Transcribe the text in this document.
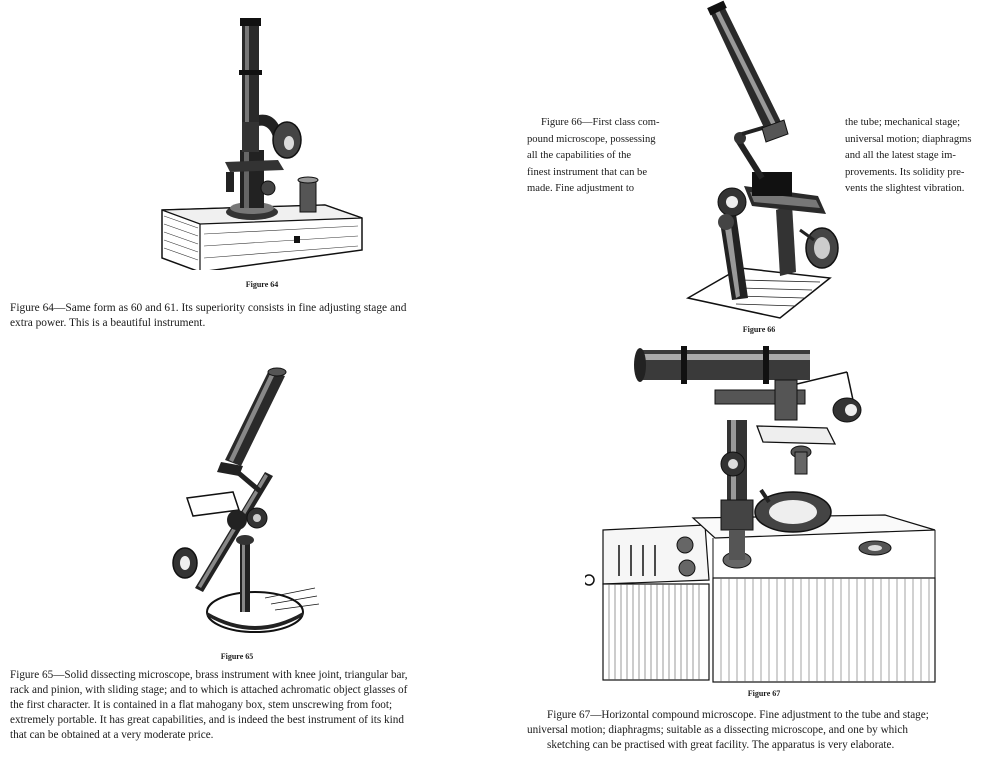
Figure 64
Figure 64—Same form as 60 and 61. Its superiority consists in fine adjusting stage and
extra power. This is a beautiful instrument.
Figure 65
Figure 65—Solid dissecting microscope, brass instrument with knee joint, triangular bar,
rack and pinion, with sliding stage; and to which is attached achromatic object glasses of
the first character. It is contained in a flat mahogany box, stem unscrewing from foot;
extremely portable. It has great capabilities, and is indeed the best instrument of its kind
that can be obtained at a very moderate price.
Figure 66
Figure 66—First class com-
pound microscope, possessing
all the capabilities of the
finest instrument that can be
made. Fine adjustment to
the tube; mechanical stage;
universal motion; diaphragms
and all the latest stage im-
provements. Its solidity pre-
vents the slightest vibration.
Figure 67
Figure 67—Horizontal compound microscope. Fine adjustment to the tube and stage;
universal motion; diaphragms; suitable as a dissecting microscope, and one by which
sketching can be practised with great facility. The apparatus is very elaborate.
